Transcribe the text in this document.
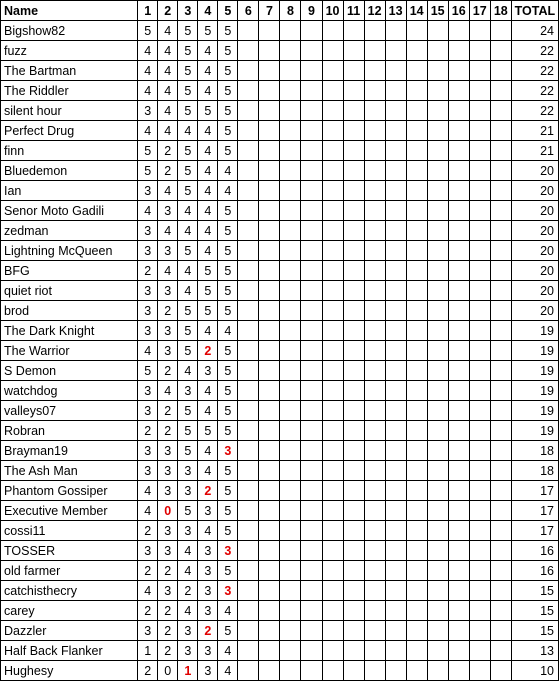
Name	1	2	3	4	5	6	7	8	9	10	11	12	13	14	15	16	17	18	TOTAL
Bigshow82	5	4	5	5	5														24
fuzz	4	4	5	4	5														22
The Bartman	4	4	5	4	5														22
The Riddler	4	4	5	4	5														22
silent hour	3	4	5	5	5														22
Perfect Drug	4	4	4	4	5														21
finn	5	2	5	4	5														21
Bluedemon	5	2	5	4	4														20
Ian	3	4	5	4	4														20
Senor Moto Gadili	4	3	4	4	5														20
zedman	3	4	4	4	5														20
Lightning McQueen	3	3	5	4	5														20
BFG	2	4	4	5	5														20
quiet riot	3	3	4	5	5														20
brod	3	2	5	5	5														20
The Dark Knight	3	3	5	4	4														19
The Warrior	4	3	5	2	5														19
S Demon	5	2	4	3	5														19
watchdog	3	4	3	4	5														19
valleys07	3	2	5	4	5														19
Robran	2	2	5	5	5														19
Brayman19	3	3	5	4	3														18
The Ash Man	3	3	3	4	5														18
Phantom Gossiper	4	3	3	2	5														17
Executive Member	4	0	5	3	5														17
cossi11	2	3	3	4	5														17
TOSSER	3	3	4	3	3														16
old farmer	2	2	4	3	5														16
catchisthecry	4	3	2	3	3														15
carey	2	2	4	3	4														15
Dazzler	3	2	3	2	5														15
Half Back Flanker	1	2	3	3	4														13
Hughesy	2	0	1	3	4														10
